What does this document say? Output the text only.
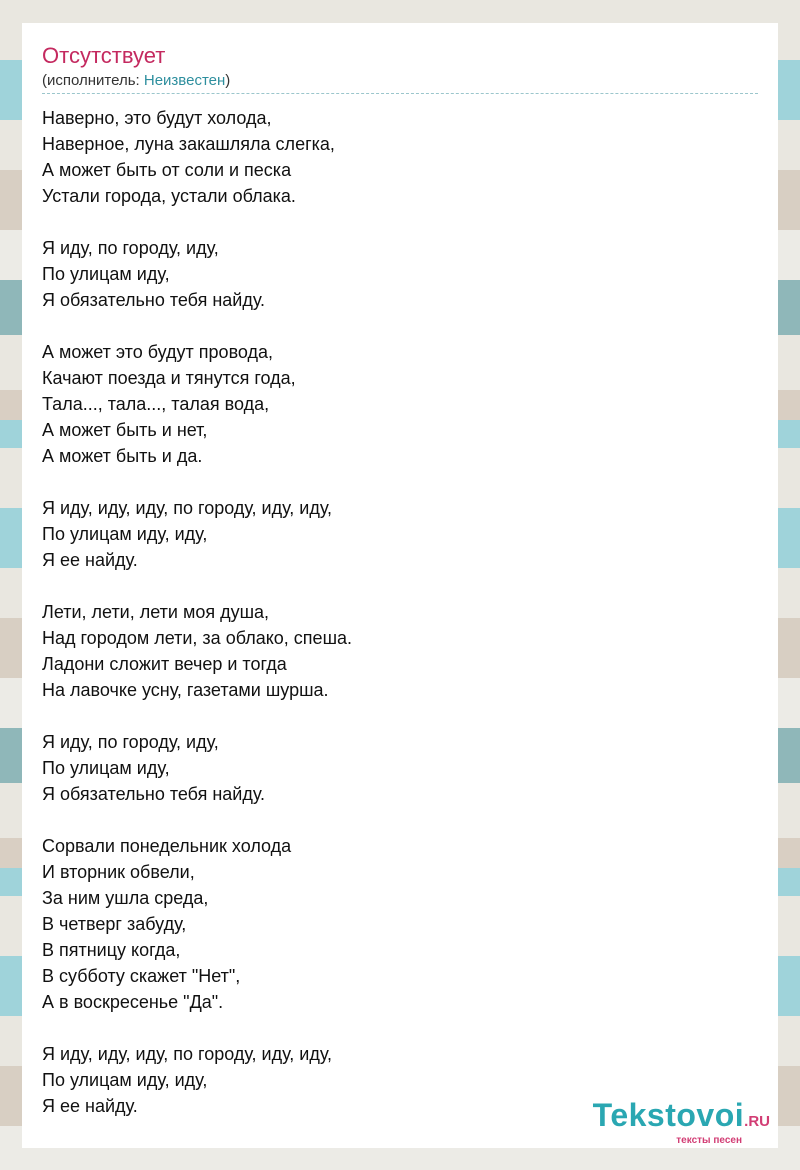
Отсутствует
(исполнитель: Неизвестен)
Наверно, это будут холода,
Наверное, луна закашляла слегка,
А может быть от соли и песка
Устали города, устали облака.
Я иду, по городу, иду,
По улицам иду,
Я обязательно тебя найду.
А может это будут провода,
Качают поезда и тянутся года,
Тала..., тала..., талая вода,
А может быть и нет,
А может быть и да.
Я иду, иду, иду, по городу, иду, иду,
По улицам иду, иду,
Я ее найду.
Лети, лети, лети моя душа,
Над городом лети, за облако, спеша.
Ладони сложит вечер и тогда
На лавочке усну, газетами шурша.
Я иду, по городу, иду,
По улицам иду,
Я обязательно тебя найду.
Сорвали понедельник холода
И вторник обвели,
За ним ушла среда,
В четверг забуду,
В пятницу когда,
В субботу скажет "Нет",
А в воскресенье "Да".
Я иду, иду, иду, по городу, иду, иду,
По улицам иду, иду,
Я ее найду.	Tekstovoi.RU
тексты песен
